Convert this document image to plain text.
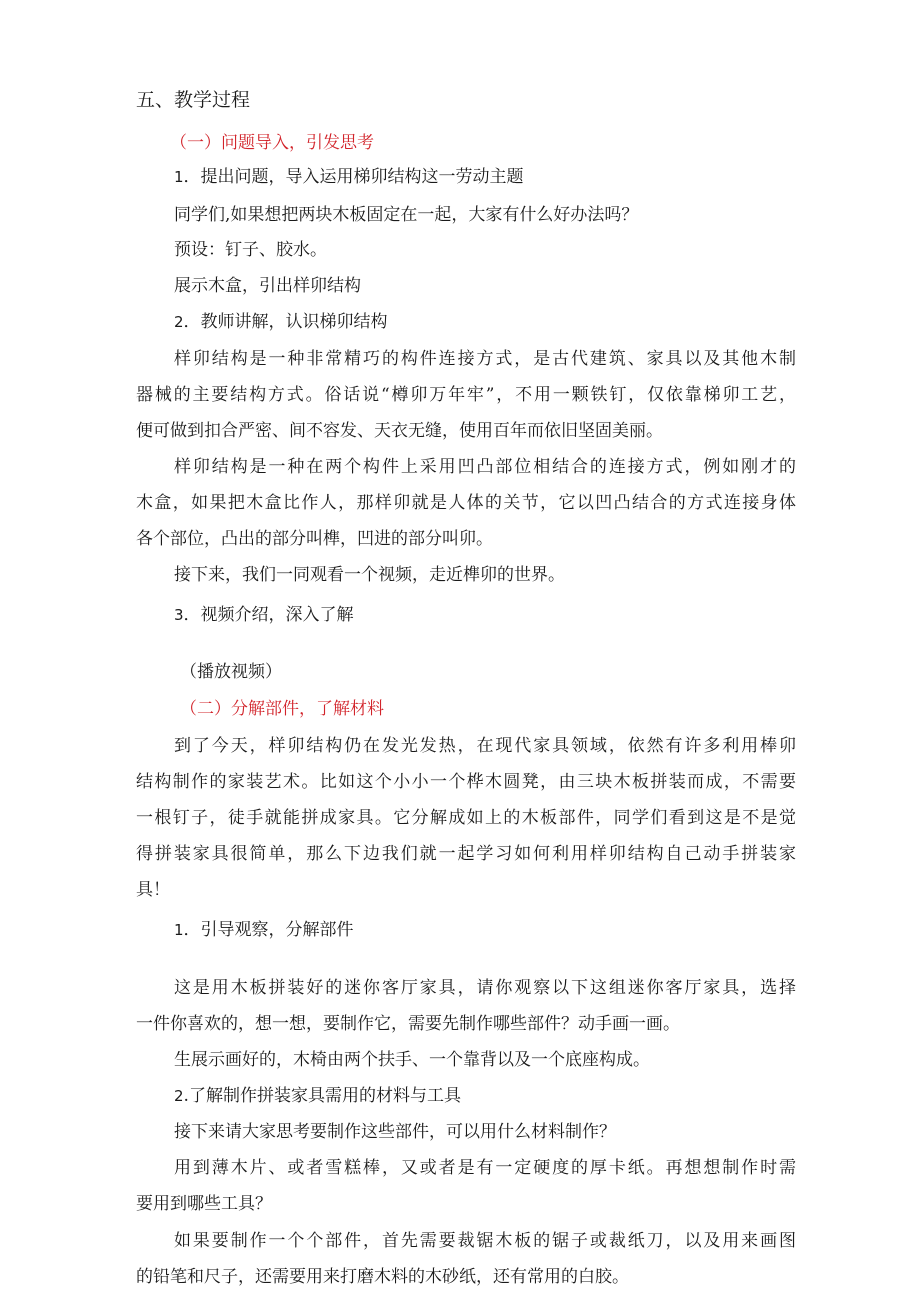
五、教学过程
（一）问题导入，引发思考
1．提出问题，导入运用梯卯结构这一劳动主题
同学们,如果想把两块木板固定在一起，大家有什么好办法吗？
预设：钉子、胶水。
展示木盒，引出样卯结构
2．教师讲解，认识梯卯结构
样卯结构是一种非常精巧的构件连接方式，是古代建筑、家具以及其他木制
器械的主要结构方式。俗话说“樽卯万年牢”，不用一颗铁钉，仅依靠梯卯工艺，
便可做到扣合严密、间不容发、天衣无缝，使用百年而依旧坚固美丽。
样卯结构是一种在两个构件上采用凹凸部位相结合的连接方式，例如刚才的
木盒，如果把木盒比作人，那样卯就是人体的关节，它以凹凸结合的方式连接身体
各个部位，凸出的部分叫榫，凹进的部分叫卯。
接下来，我们一同观看一个视频，走近榫卯的世界。
3．视频介绍，深入了解
（播放视频）
（二）分解部件，了解材料
到了今天，样卯结构仍在发光发热，在现代家具领域，依然有许多利用棒卯
结构制作的家装艺术。比如这个小小一个桦木圆凳，由三块木板拼装而成，不需要
一根钉子，徒手就能拼成家具。它分解成如上的木板部件，同学们看到这是不是觉
得拼装家具很简单，那么下边我们就一起学习如何利用样卯结构自己动手拼装家
具！
1．引导观察，分解部件
这是用木板拼装好的迷你客厅家具，请你观察以下这组迷你客厅家具，选择
一件你喜欢的，想一想，要制作它，需要先制作哪些部件？动手画一画。
生展示画好的，木椅由两个扶手、一个靠背以及一个底座构成。
2.了解制作拼装家具需用的材料与工具
接下来请大家思考要制作这些部件，可以用什么材料制作？
用到薄木片、或者雪糕棒，又或者是有一定硬度的厚卡纸。再想想制作时需
要用到哪些工具？
如果要制作一个个部件，首先需要裁锯木板的锯子或裁纸刀，以及用来画图
的铅笔和尺子，还需要用来打磨木料的木砂纸，还有常用的白胶。
